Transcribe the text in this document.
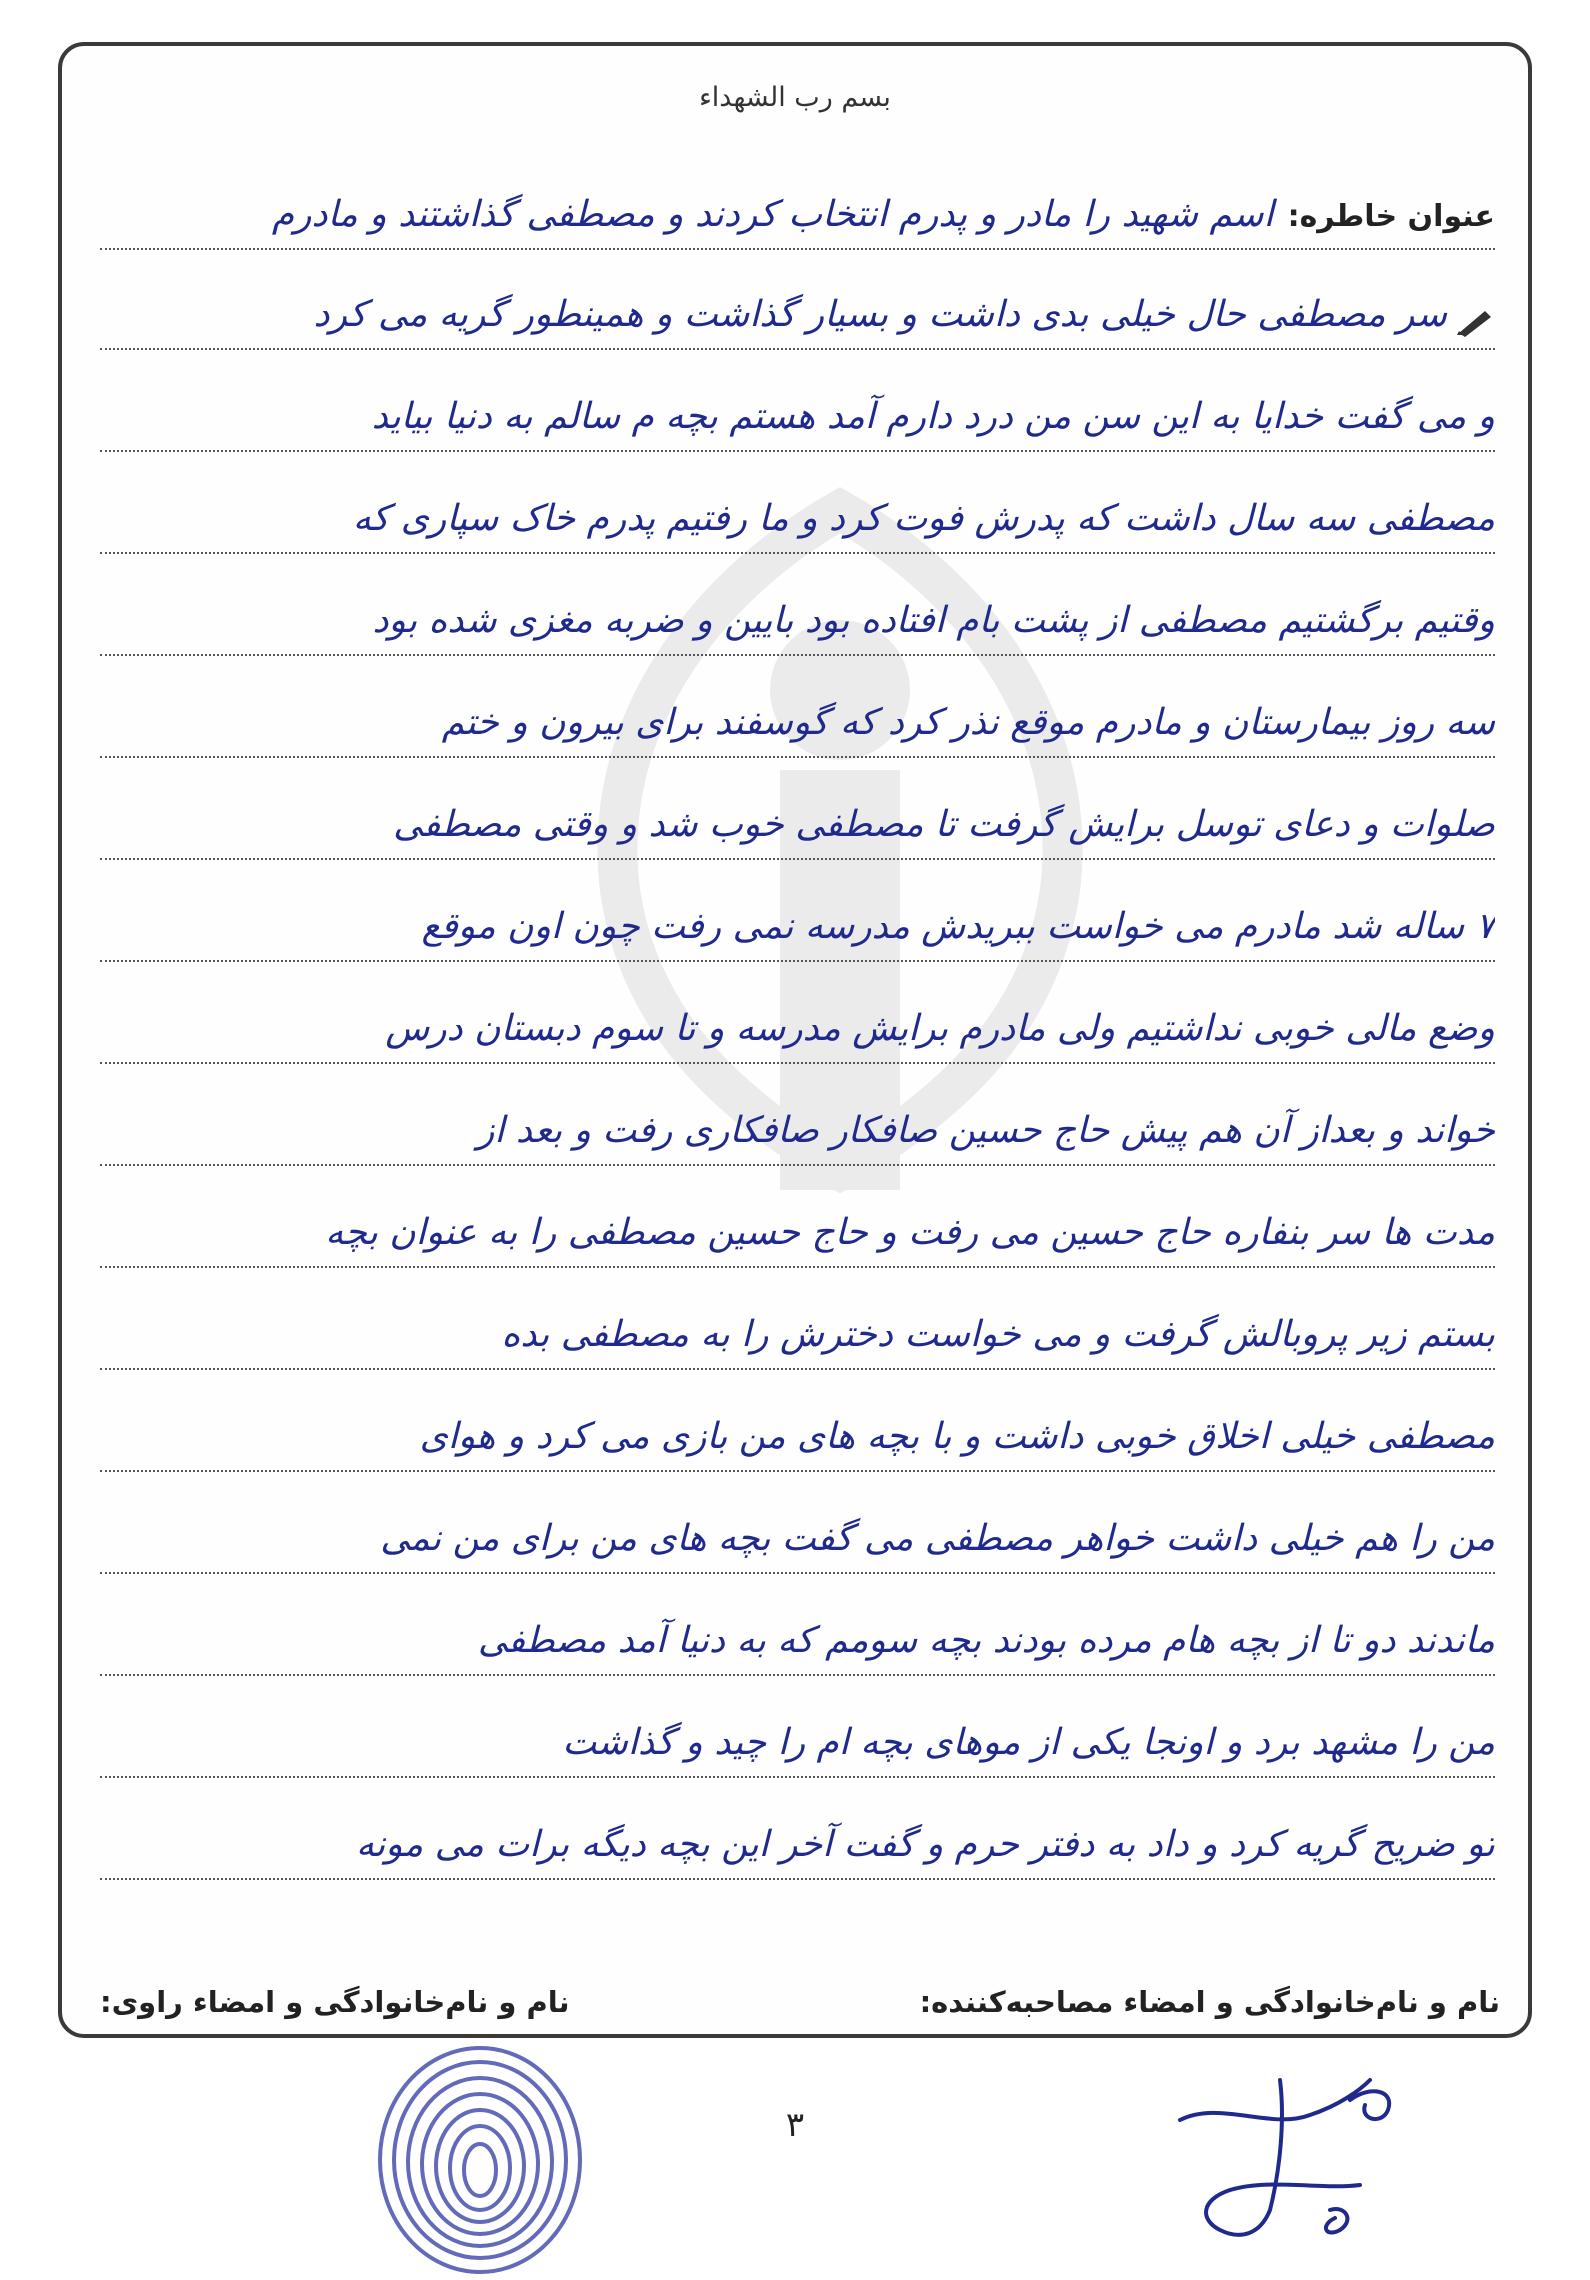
بسم رب الشهداء
عنوان خاطره:اسم شهید را مادر و پدرم انتخاب کردند و مصطفی گذاشتند و مادرم
سر مصطفی حال خیلی بدی داشت و بسیار گذاشت و همینطور گریه می کرد
و می گفت خدایا به این سن من درد دارم آمد هستم بچه م سالم به دنیا بیاید
مصطفی سه سال داشت که پدرش فوت کرد و ما رفتیم پدرم خاک سپاری که
وقتیم برگشتیم مصطفی از پشت بام افتاده بود بایین و ضربه مغزی شده بود
سه روز بیمارستان و مادرم موقع نذر کرد که گوسفند برای بیرون و ختم
صلوات و دعای توسل برایش گرفت تا مصطفی خوب شد و وقتی مصطفی
۷ ساله شد مادرم می خواست ببریدش مدرسه نمی رفت چون اون موقع
وضع مالی خوبی نداشتیم ولی مادرم برایش مدرسه و تا سوم دبستان درس
خواند و بعداز آن هم پیش حاج حسین صافکار صافکاری رفت و بعد از
مدت ها سر بنفاره حاج حسین می رفت و حاج حسین مصطفی را به عنوان بچه
بستم زیر پروبالش گرفت و می خواست دخترش را به مصطفی بده
مصطفی خیلی اخلاق خوبی داشت و با بچه های من بازی می کرد و هوای
من را هم خیلی داشت خواهر مصطفی می گفت بچه های من برای من نمی
ماندند دو تا از بچه هام مرده بودند بچه سومم که به دنیا آمد مصطفی
من را مشهد برد و اونجا یکی از موهای بچه ام را چید و گذاشت
تو ضریح گریه کرد و داد به دفتر حرم و گفت آخر این بچه دیگه برات می مونه
نام و نام‌خانوادگی و امضاء مصاحبه‌کننده:
نام و نام‌خانوادگی و امضاء راوی:
۳
